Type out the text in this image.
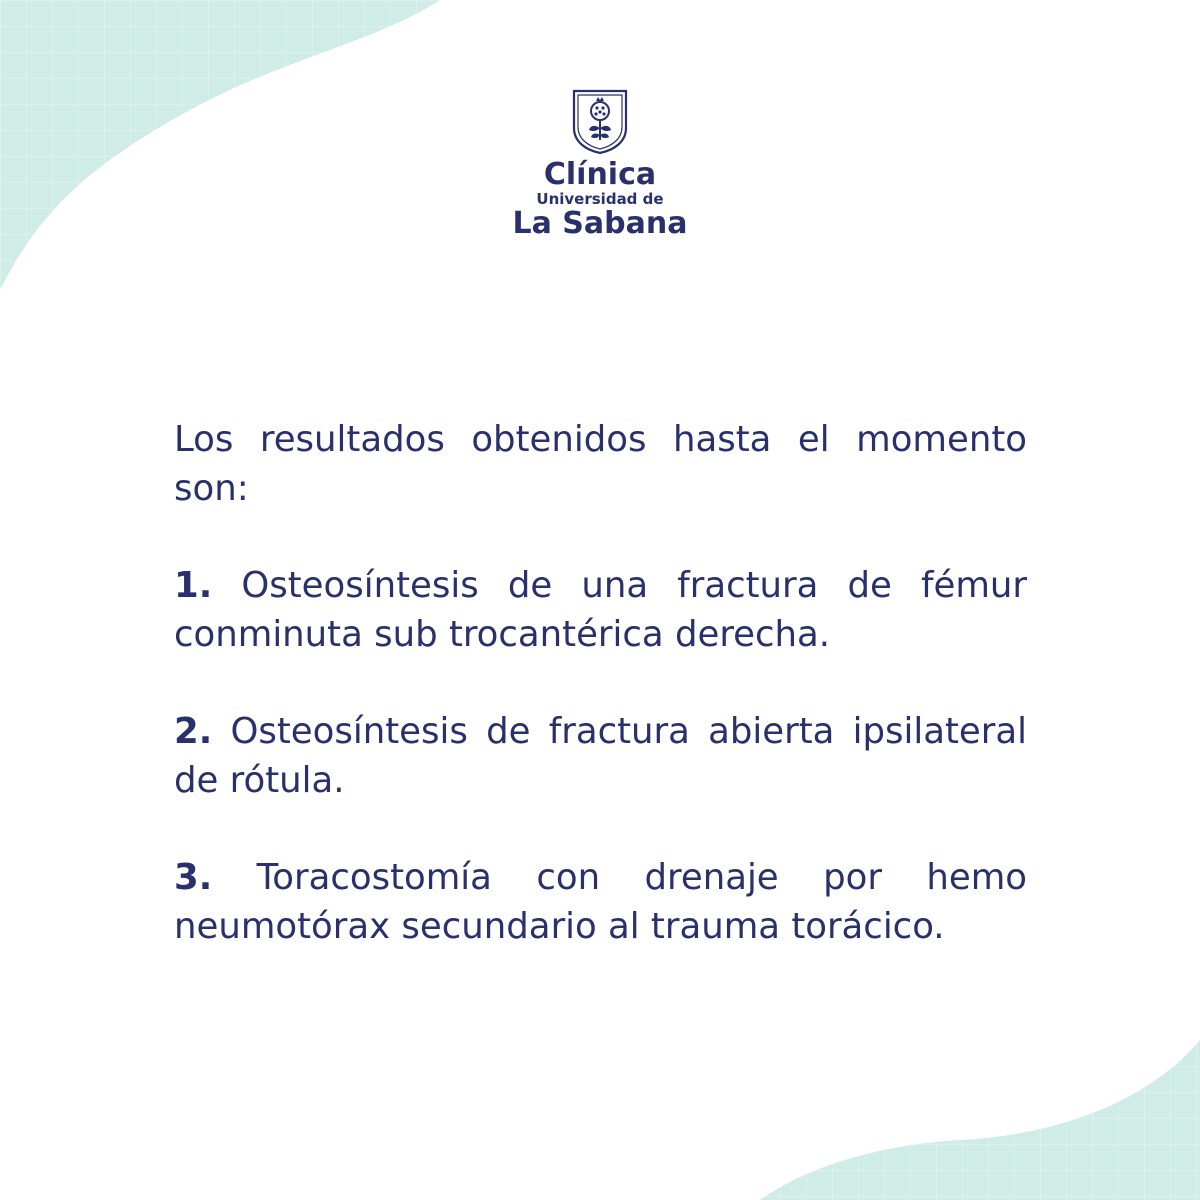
Clínica
Universidad de
La Sabana

Los resultados obtenidos hasta el momento son:

1. Osteosíntesis de una fractura de fémur conminuta sub trocantérica derecha.

2. Osteosíntesis de fractura abierta ipsilateral de rótula.

3. Toracostomía con drenaje por hemo neumotórax secundario al trauma torácico.
